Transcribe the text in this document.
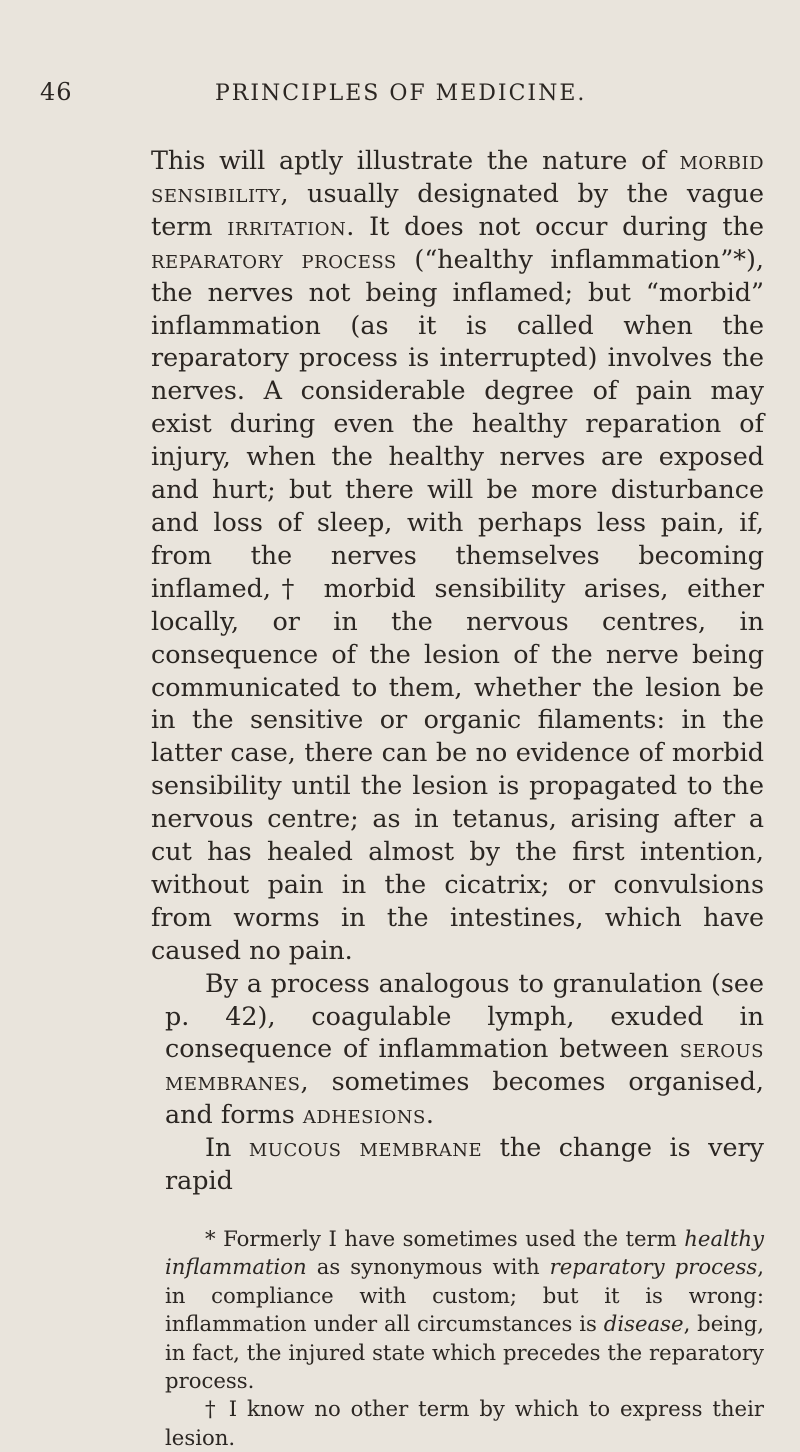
46	PRINCIPLES OF MEDICINE.

This will aptly illustrate the nature of morbid sensibility, usually designated by the vague term irritation. It does not occur during the reparatory process (“healthy inflammation”*), the nerves not being inflamed; but “morbid” inflammation (as it is called when the reparatory process is interrupted) involves the nerves. A considerable degree of pain may exist during even the healthy reparation of injury, when the healthy nerves are exposed and hurt; but there will be more disturbance and loss of sleep, with perhaps less pain, if, from the nerves themselves becoming inflamed,† morbid sensibility arises, either locally, or in the nervous centres, in consequence of the lesion of the nerve being communicated to them, whether the lesion be in the sensitive or organic filaments: in the latter case, there can be no evidence of morbid sensibility until the lesion is propagated to the nervous centre; as in tetanus, arising after a cut has healed almost by the first intention, without pain in the cicatrix; or convulsions from worms in the intestines, which have caused no pain.

By a process analogous to granulation (see p. 42), coagulable lymph, exuded in consequence of inflammation between serous membranes, sometimes becomes organised, and forms adhesions.

In mucous membrane the change is very rapid

* Formerly I have sometimes used the term healthy inflammation as synonymous with reparatory process, in compliance with custom; but it is wrong: inflammation under all circumstances is disease, being, in fact, the injured state which precedes the reparatory process.

† I know no other term by which to express their lesion.
